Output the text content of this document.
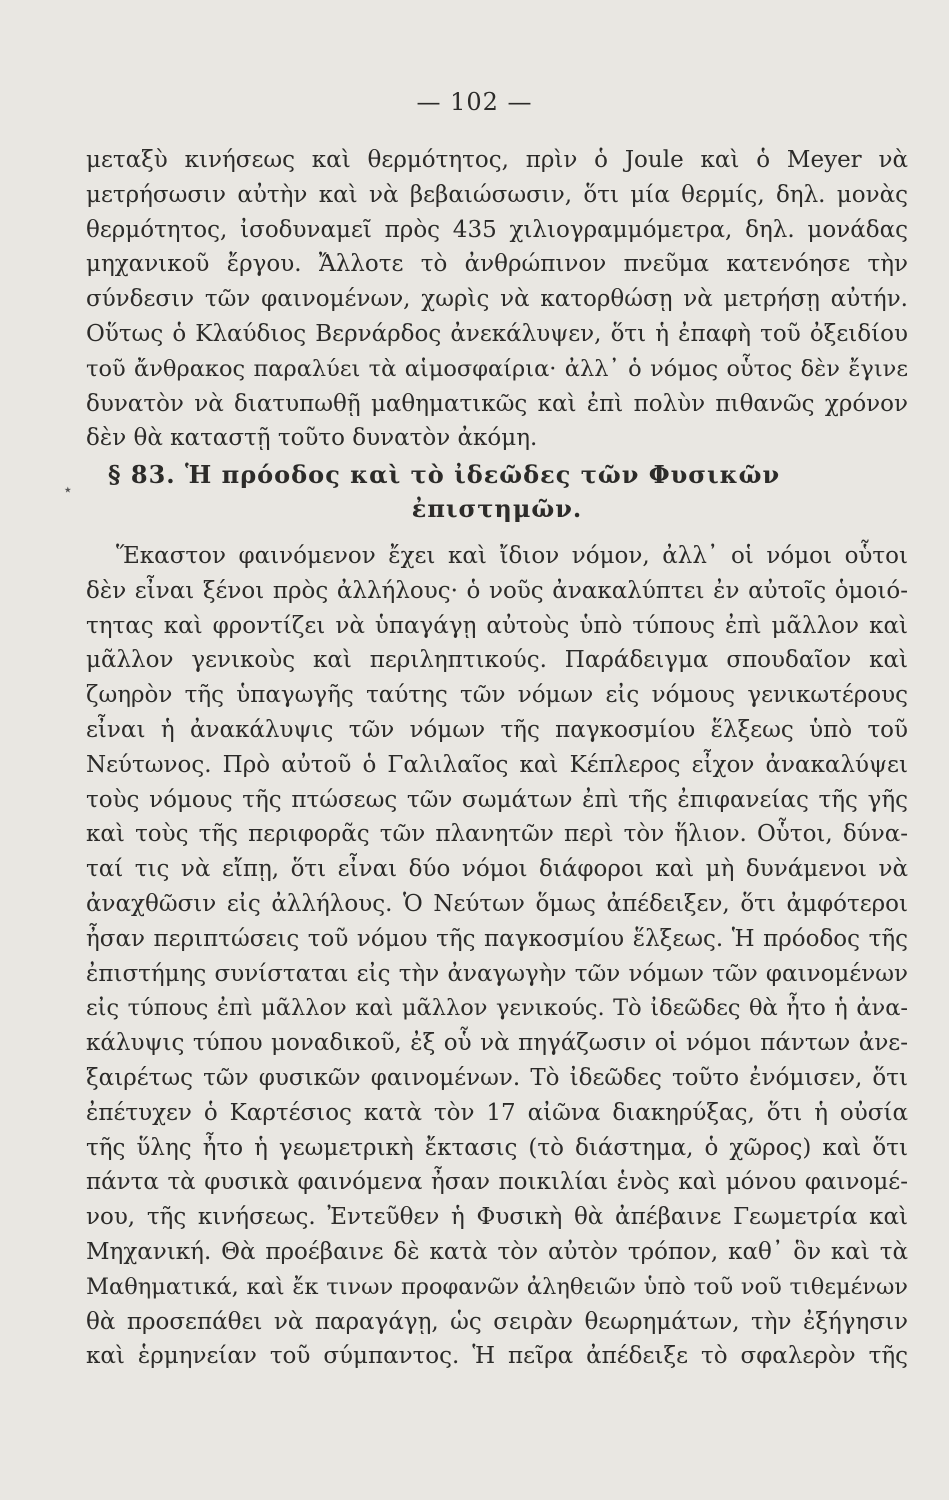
— 102 —
μεταξὺ κινήσεως καὶ θερμότητος, πρὶν ὁ Joule καὶ ὁ Meyer νὰ
μετρήσωσιν αὐτὴν καὶ νὰ βεβαιώσωσιν, ὅτι μία θερμίς, δηλ. μονὰς
θερμότητος, ἰσοδυναμεῖ πρὸς 435 χιλιογραμμόμετρα, δηλ. μονάδας
μηχανικοῦ ἔργου. Ἄλλοτε τὸ ἀνθρώπινον πνεῦμα κατενόησε τὴν
σύνδεσιν τῶν φαινομένων, χωρὶς νὰ κατορθώσῃ νὰ μετρήσῃ αὐτήν.
Οὕτως ὁ Κλαύδιος Βερνάρδος ἀνεκάλυψεν, ὅτι ἡ ἐπαφὴ τοῦ ὀξειδίου
τοῦ ἄνθρακος παραλύει τὰ αἱμοσφαίρια· ἀλλ᾽ ὁ νόμος οὗτος δὲν ἔγινε
δυνατὸν νὰ διατυπωθῇ μαθηματικῶς καὶ ἐπὶ πολὺν πιθανῶς χρόνον
δὲν θὰ καταστῇ τοῦτο δυνατὸν ἀκόμη.
٭
§ 83. Ἡ πρόοδος καὶ τὸ ἰδεῶδες τῶν Φυσικῶν
ἐπιστημῶν.
Ἕκαστον φαινόμενον ἔχει καὶ ἴδιον νόμον, ἀλλ᾽ οἱ νόμοι οὗτοι
δὲν εἶναι ξένοι πρὸς ἀλλήλους· ὁ νοῦς ἀνακαλύπτει ἐν αὐτοῖς ὁμοιό-
τητας καὶ φροντίζει νὰ ὑπαγάγῃ αὐτοὺς ὑπὸ τύπους ἐπὶ μᾶλλον καὶ
μᾶλλον γενικοὺς καὶ περιληπτικούς. Παράδειγμα σπουδαῖον καὶ
ζωηρὸν τῆς ὑπαγωγῆς ταύτης τῶν νόμων εἰς νόμους γενικωτέρους
εἶναι ἡ ἀνακάλυψις τῶν νόμων τῆς παγκοσμίου ἕλξεως ὑπὸ τοῦ
Νεύτωνος. Πρὸ αὐτοῦ ὁ Γαλιλαῖος καὶ Κέπλερος εἶχον ἀνακαλύψει
τοὺς νόμους τῆς πτώσεως τῶν σωμάτων ἐπὶ τῆς ἐπιφανείας τῆς γῆς
καὶ τοὺς τῆς περιφορᾶς τῶν πλανητῶν περὶ τὸν ἥλιον. Οὗτοι, δύνα-
ταί τις νὰ εἴπῃ, ὅτι εἶναι δύο νόμοι διάφοροι καὶ μὴ δυνάμενοι νὰ
ἀναχθῶσιν εἰς ἀλλήλους. Ὁ Νεύτων ὅμως ἀπέδειξεν, ὅτι ἀμφότεροι
ἦσαν περιπτώσεις τοῦ νόμου τῆς παγκοσμίου ἕλξεως. Ἡ πρόοδος τῆς
ἐπιστήμης συνίσταται εἰς τὴν ἀναγωγὴν τῶν νόμων τῶν φαινομένων
εἰς τύπους ἐπὶ μᾶλλον καὶ μᾶλλον γενικούς. Τὸ ἰδεῶδες θὰ ἦτο ἡ ἀνα-
κάλυψις τύπου μοναδικοῦ, ἐξ οὗ νὰ πηγάζωσιν οἱ νόμοι πάντων ἀνε-
ξαιρέτως τῶν φυσικῶν φαινομένων. Τὸ ἰδεῶδες τοῦτο ἐνόμισεν, ὅτι
ἐπέτυχεν ὁ Καρτέσιος κατὰ τὸν 17 αἰῶνα διακηρύξας, ὅτι ἡ οὐσία
τῆς ὕλης ἦτο ἡ γεωμετρικὴ ἔκτασις (τὸ διάστημα, ὁ χῶρος) καὶ ὅτι
πάντα τὰ φυσικὰ φαινόμενα ἦσαν ποικιλίαι ἑνὸς καὶ μόνου φαινομέ-
νου, τῆς κινήσεως. Ἐντεῦθεν ἡ Φυσικὴ θὰ ἀπέβαινε Γεωμετρία καὶ
Μηχανική. Θὰ προέβαινε δὲ κατὰ τὸν αὐτὸν τρόπον, καθ᾽ ὃν καὶ τὰ
Μαθηματικά, καὶ ἔκ τινων προφανῶν ἀληθειῶν ὑπὸ τοῦ νοῦ τιθεμένων
θὰ προσεπάθει νὰ παραγάγῃ, ὡς σειρὰν θεωρημάτων, τὴν ἐξήγησιν
καὶ ἑρμηνείαν τοῦ σύμπαντος. Ἡ πεῖρα ἀπέδειξε τὸ σφαλερὸν τῆς
